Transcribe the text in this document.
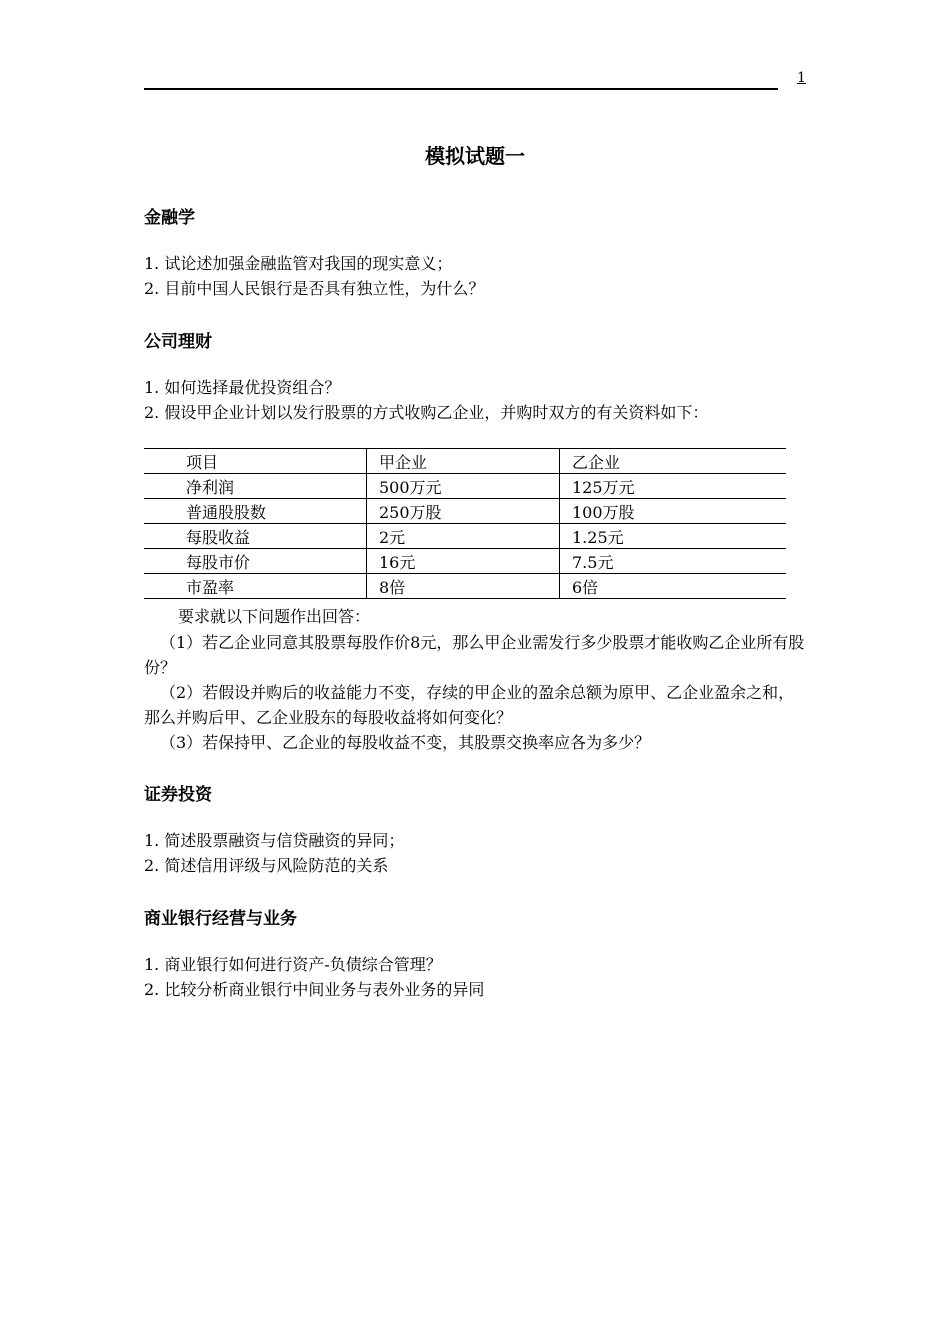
1
模拟试题一
金融学
1. 试论述加强金融监管对我国的现实意义；
2. 目前中国人民银行是否具有独立性，为什么？
公司理财
1. 如何选择最优投资组合？
2. 假设甲企业计划以发行股票的方式收购乙企业，并购时双方的有关资料如下：
项目	甲企业	乙企业
净利润	500万元	125万元
普通股股数	250万股	100万股
每股收益	2元	1.25元
每股市价	16元	7.5元
市盈率	8倍	6倍
要求就以下问题作出回答：
（1）若乙企业同意其股票每股作价8元，那么甲企业需发行多少股票才能收购乙企业所有股份？
（2）若假设并购后的收益能力不变，存续的甲企业的盈余总额为原甲、乙企业盈余之和，那么并购后甲、乙企业股东的每股收益将如何变化？
（3）若保持甲、乙企业的每股收益不变，其股票交换率应各为多少？
证券投资
1. 简述股票融资与信贷融资的异同；
2. 简述信用评级与风险防范的关系
商业银行经营与业务
1. 商业银行如何进行资产-负债综合管理？
2. 比较分析商业银行中间业务与表外业务的异同
